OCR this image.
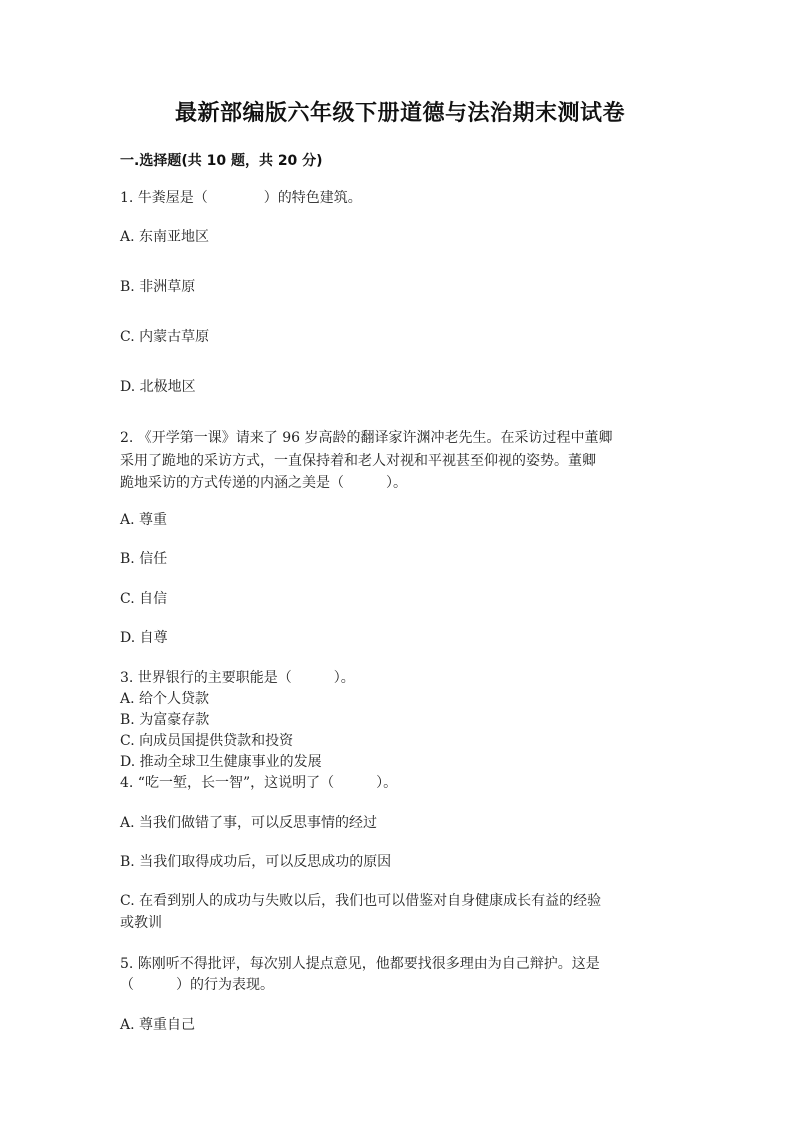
最新部编版六年级下册道德与法治期末测试卷
一.选择题(共 10 题，共 20 分)
1. 牛粪屋是（　　　　）的特色建筑。
A. 东南亚地区
B. 非洲草原
C. 内蒙古草原
D. 北极地区
2. 《开学第一课》请来了 96 岁高龄的翻译家许渊冲老先生。在采访过程中董卿
采用了跪地的采访方式，一直保持着和老人对视和平视甚至仰视的姿势。董卿
跪地采访的方式传递的内涵之美是（　　　）。
A. 尊重
B. 信任
C. 自信
D. 自尊
3. 世界银行的主要职能是（　　　）。
A. 给个人贷款
B. 为富豪存款
C. 向成员国提供贷款和投资
D. 推动全球卫生健康事业的发展
4. “吃一堑，长一智”，这说明了（　　　）。
A. 当我们做错了事，可以反思事情的经过
B. 当我们取得成功后，可以反思成功的原因
C. 在看到别人的成功与失败以后，我们也可以借鉴对自身健康成长有益的经验
或教训
5. 陈刚听不得批评，每次别人提点意见，他都要找很多理由为自己辩护。这是
（　　　）的行为表现。
A. 尊重自己
